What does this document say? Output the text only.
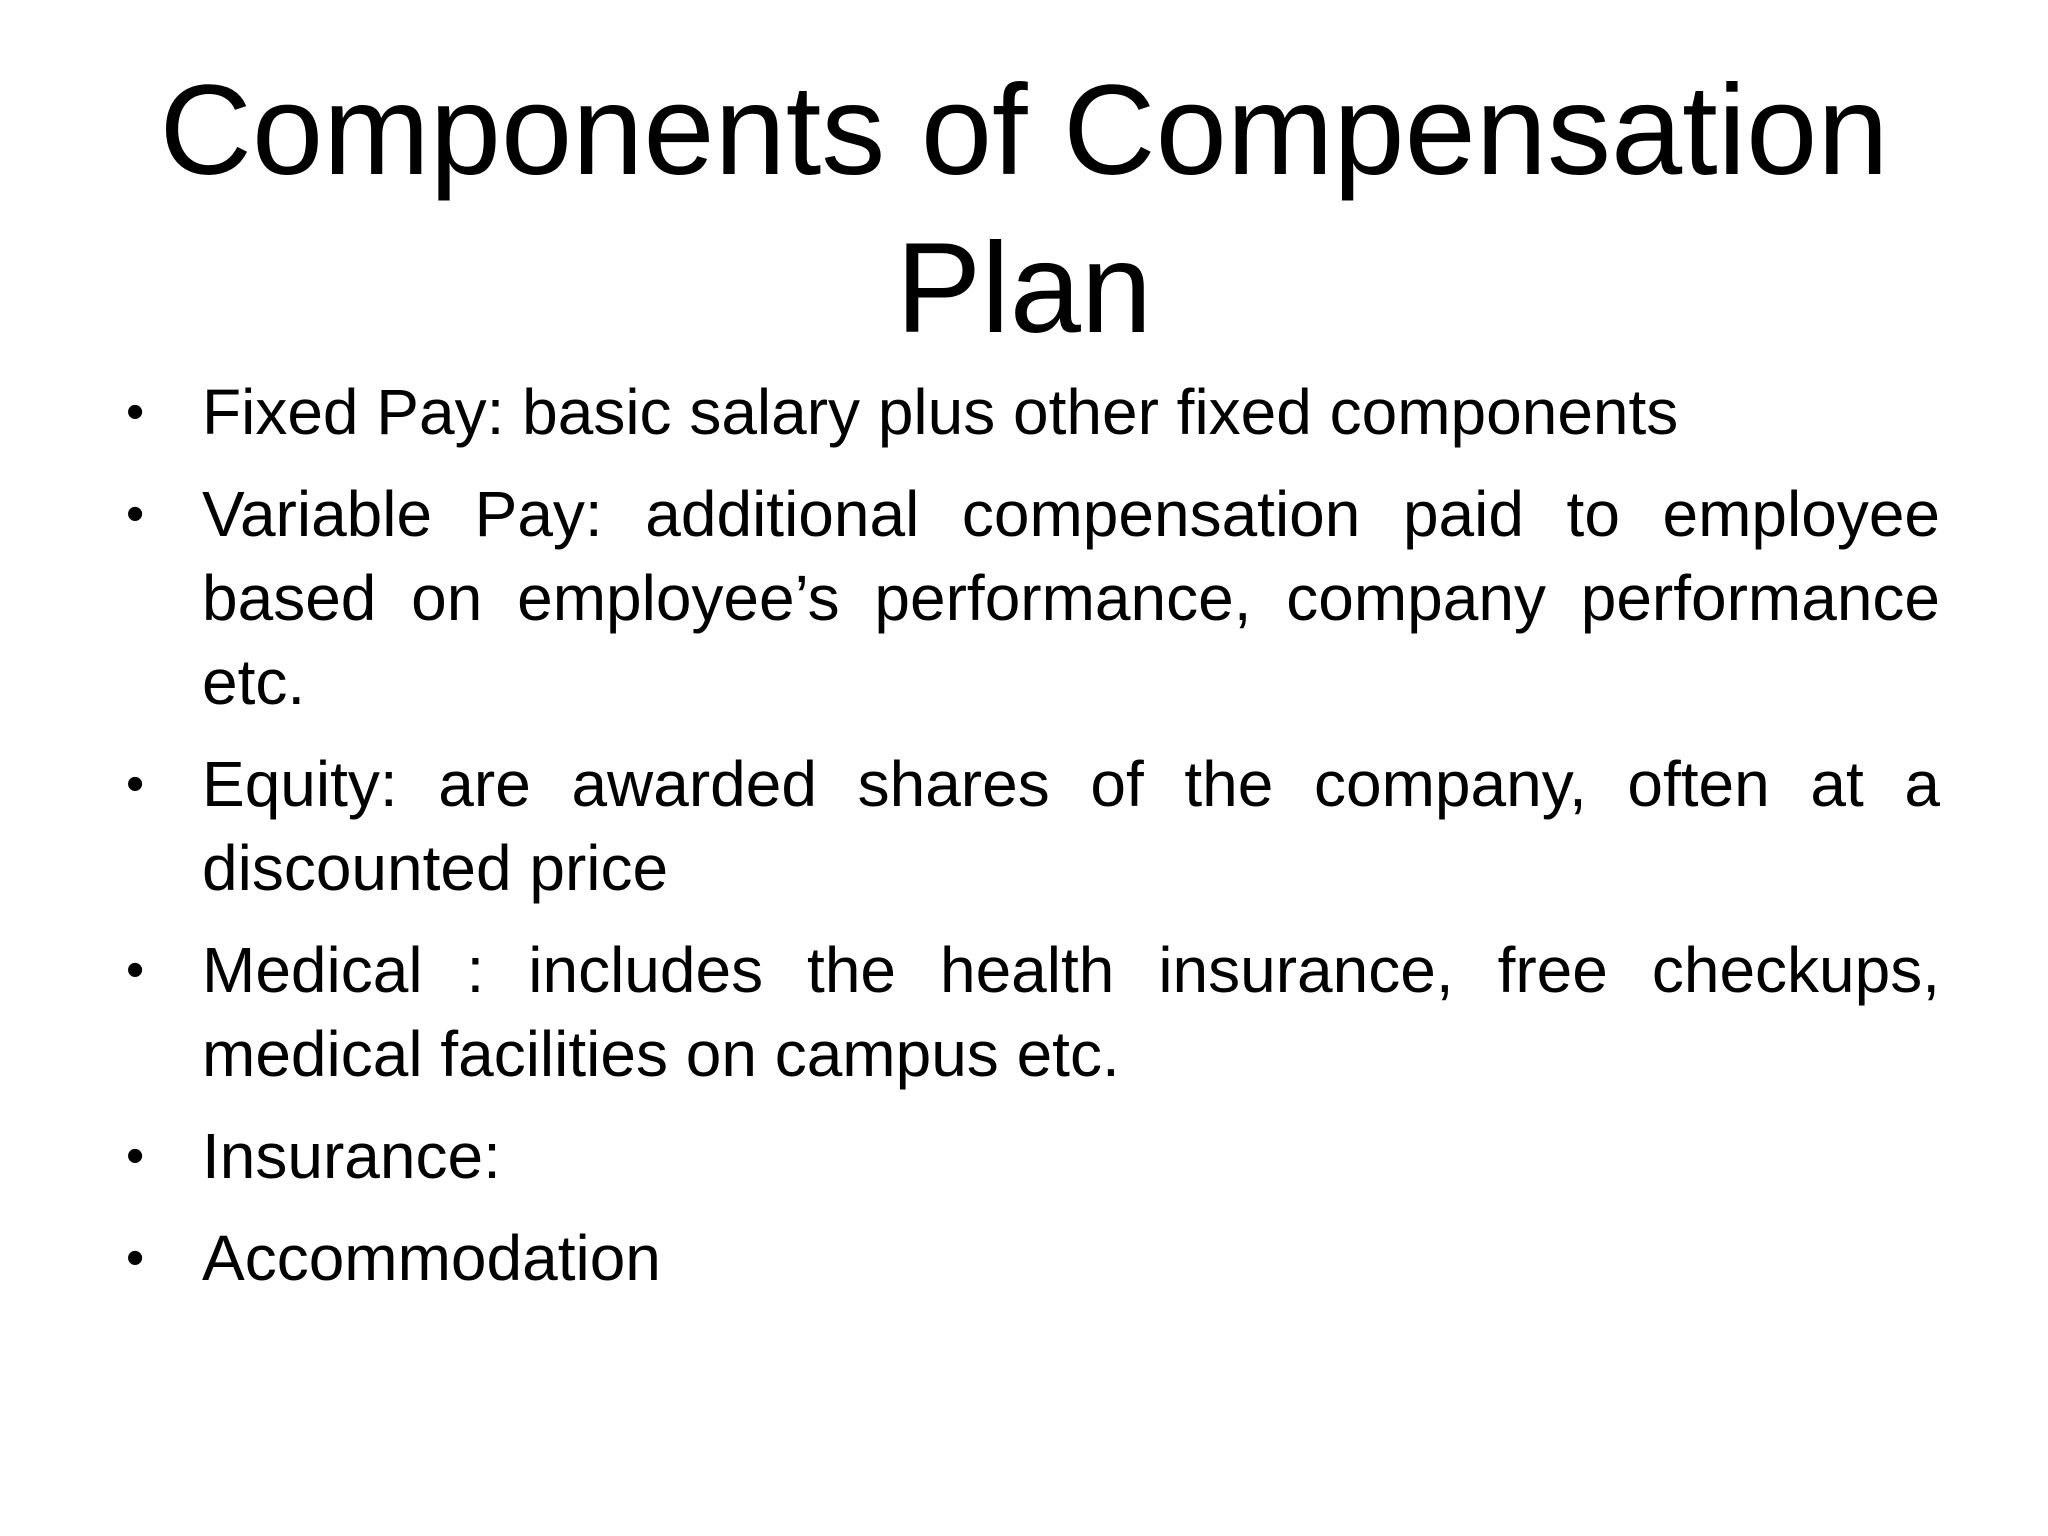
Components of Compensation
Plan
• Fixed Pay: basic salary plus other fixed components
• Variable Pay: additional compensation paid to employee based on employee’s performance, company performance etc.
• Equity: are awarded shares of the company, often at a discounted price
• Medical : includes the health insurance, free checkups, medical facilities on campus etc.
• Insurance:
• Accommodation
